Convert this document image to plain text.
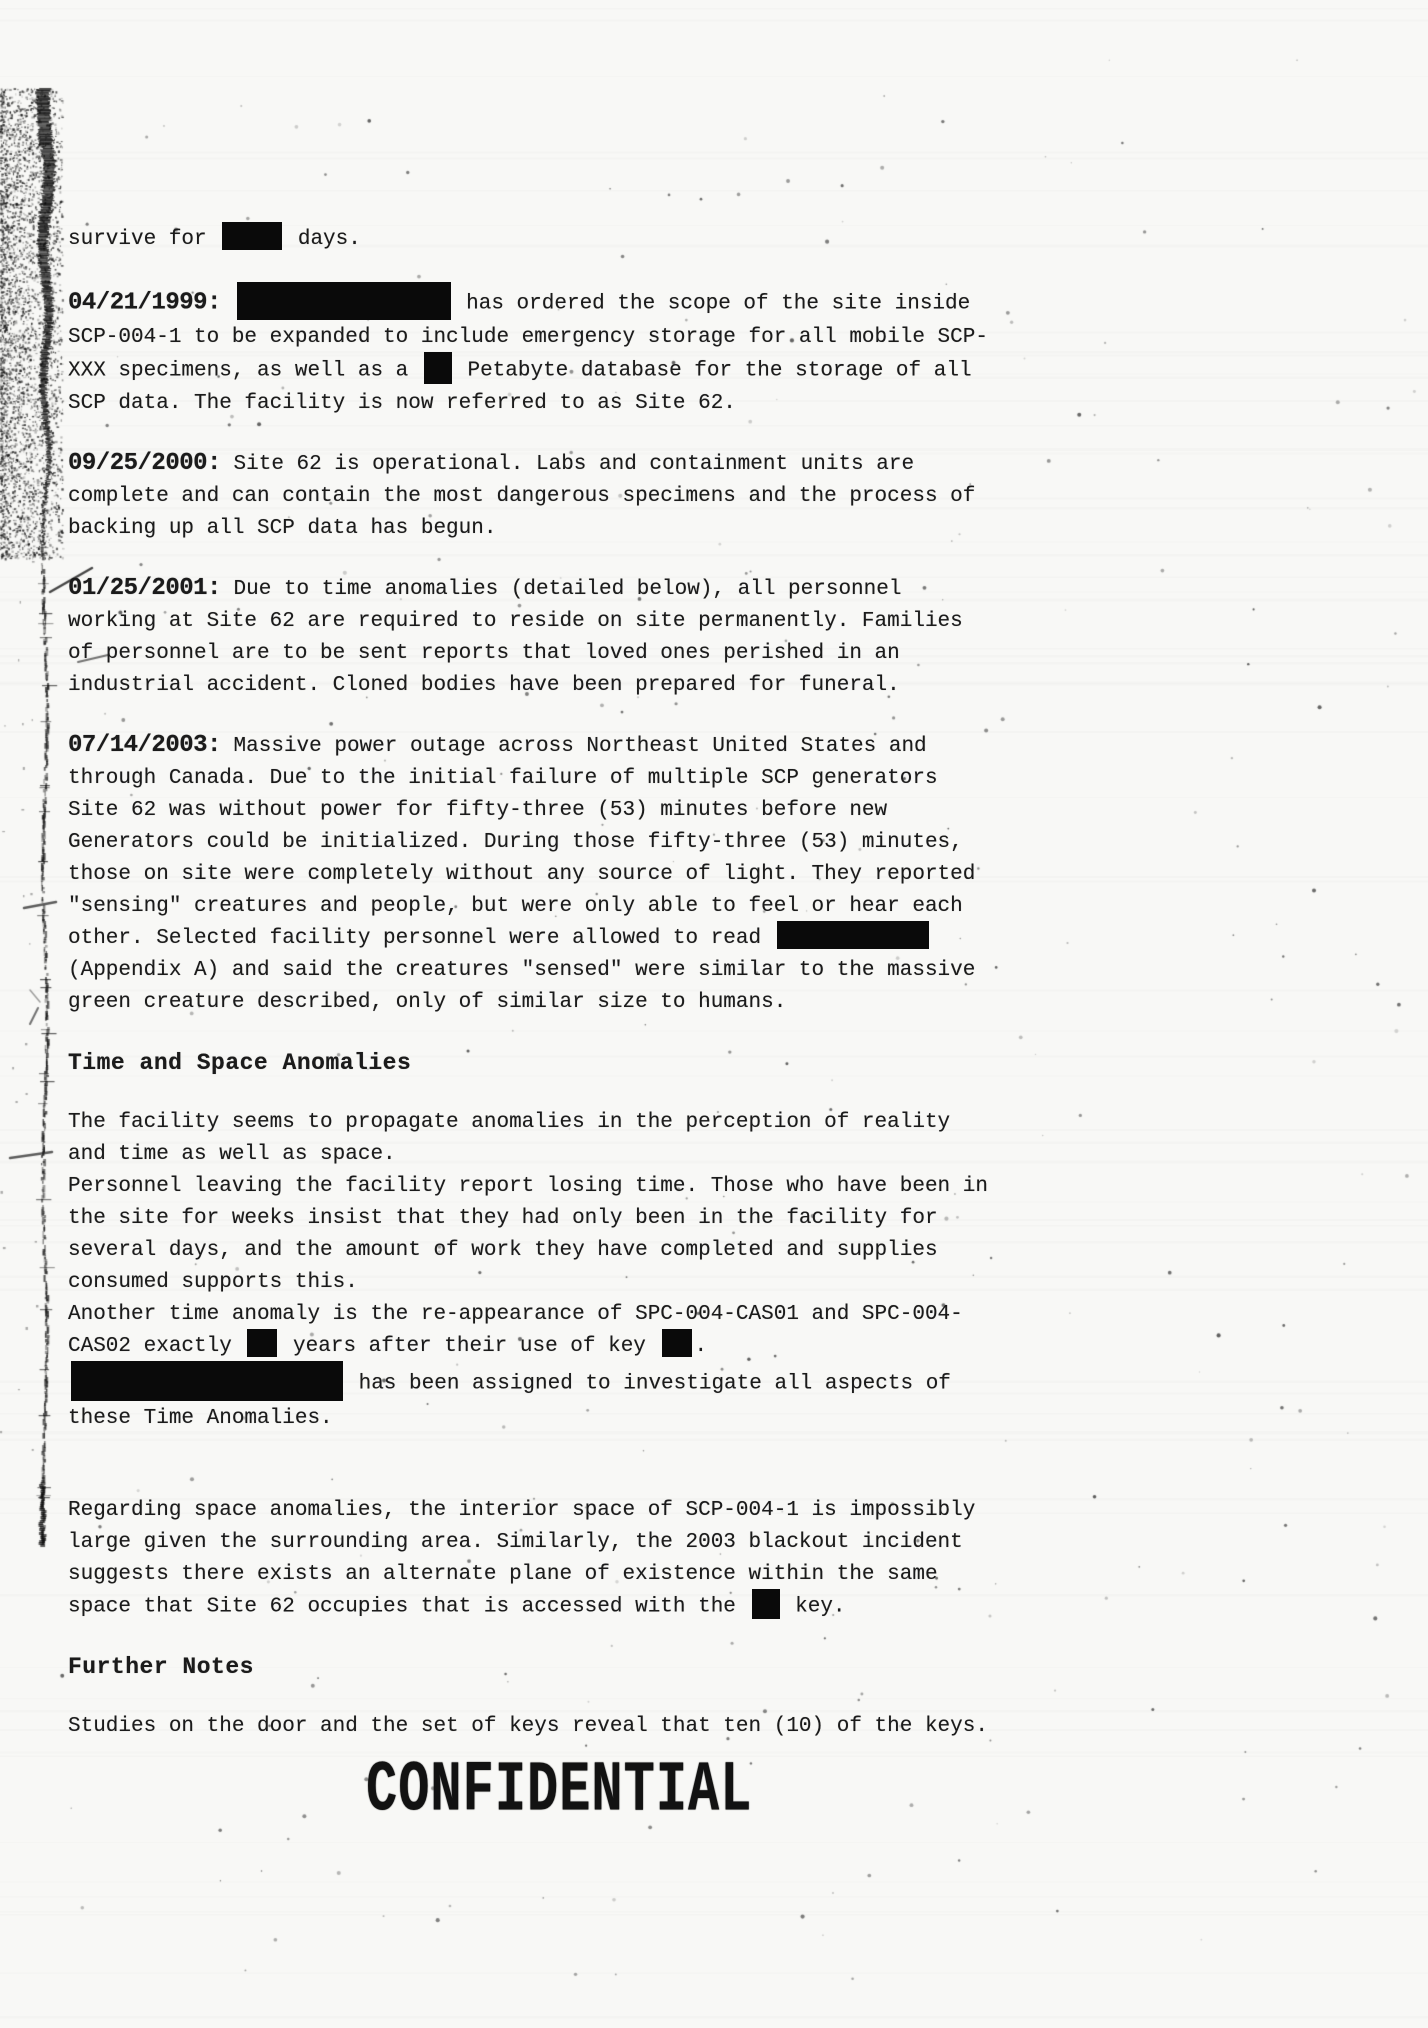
survive for	days.
04/21/1999:	has ordered the scope of the site inside
SCP-004-1 to be expanded to include emergency storage for all mobile SCP-
XXX specimens, as well as a  Petabyte database for the storage of all
SCP data. The facility is now referred to as Site 62.
09/25/2000: Site 62 is operational. Labs and containment units are
complete and can contain the most dangerous specimens and the process of
backing up all SCP data has begun.
01/25/2001: Due to time anomalies (detailed below), all personnel
working at Site 62 are required to reside on site permanently. Families
of personnel are to be sent reports that loved ones perished in an
industrial accident. Cloned bodies have been prepared for funeral.
07/14/2003: Massive power outage across Northeast United States and
through Canada. Due to the initial failure of multiple SCP generators
Site 62 was without power for fifty-three (53) minutes before new
Generators could be initialized. During those fifty-three (53) minutes,
those on site were completely without any source of light. They reported
"sensing" creatures and people, but were only able to feel or hear each
other. Selected facility personnel were allowed to read
(Appendix A) and said the creatures "sensed" were similar to the massive
green creature described, only of similar size to humans.
Time and Space Anomalies
The facility seems to propagate anomalies in the perception of reality
and time as well as space.
Personnel leaving the facility report losing time. Those who have been in
the site for weeks insist that they had only been in the facility for
several days, and the amount of work they have completed and supplies
consumed supports this.
Another time anomaly is the re-appearance of SPC-004-CAS01 and SPC-004-
CAS02 exactly  years after their use of key .
has been assigned to investigate all aspects of
these Time Anomalies.
Regarding space anomalies, the interior space of SCP-004-1 is impossibly
large given the surrounding area. Similarly, the 2003 blackout incident
suggests there exists an alternate plane of existence within the same
space that Site 62 occupies that is accessed with the  key.
Further Notes
Studies on the door and the set of keys reveal that ten (10) of the keys.
CONFIDENTIAL
